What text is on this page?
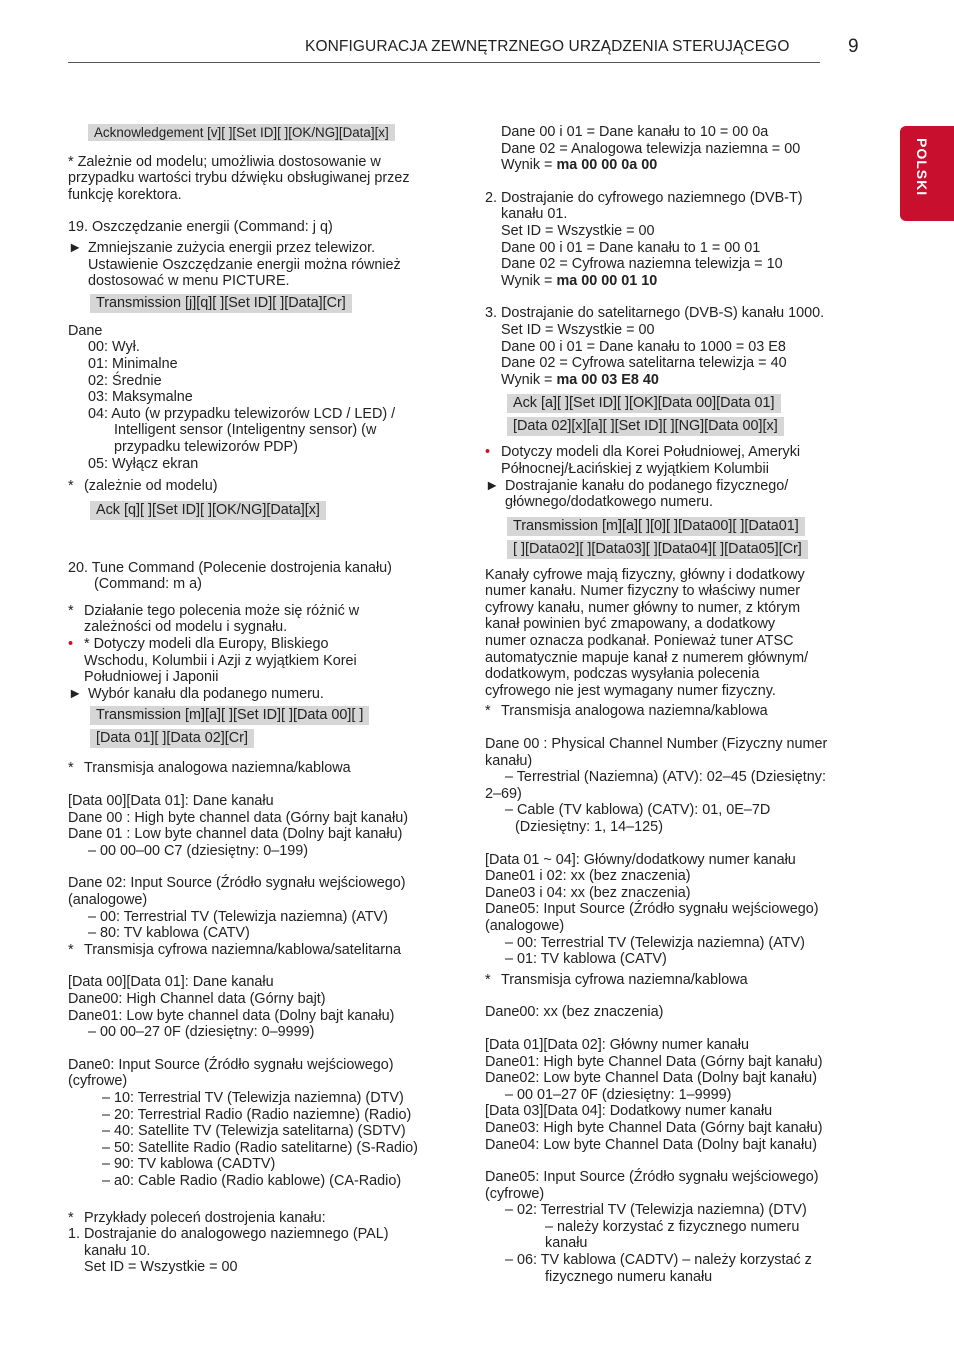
KONFIGURACJA ZEWNĘTRZNEGO URZĄDZENIA STERUJĄCEGO	9
POLSKI
Acknowledgement [v][ ][Set ID][ ][OK/NG][Data][x]
* Zależnie od modelu; umożliwia dostosowanie w
przypadku wartości trybu dźwięku obsługiwanej przez
funkcję korektora.
19. Oszczędzanie energii (Command: j q)
► Zmniejszanie zużycia energii przez telewizor.
Ustawienie Oszczędzanie energii można również
dostosować w menu PICTURE.
Transmission [j][q][ ][Set ID][ ][Data][Cr]
Dane
00: Wył.
01: Minimalne
02: Średnie
03: Maksymalne
04: Auto (w przypadku telewizorów LCD / LED) /
Intelligent sensor (Inteligentny sensor) (w
przypadku telewizorów PDP)
05: Wyłącz ekran
* (zależnie od modelu)
Ack [q][ ][Set ID][ ][OK/NG][Data][x]
20. Tune Command (Polecenie dostrojenia kanału)
(Command: m a)
* Działanie tego polecenia może się różnić w
zależności od modelu i sygnału.
• * Dotyczy modeli dla Europy, Bliskiego
Wschodu, Kolumbii i Azji z wyjątkiem Korei
Południowej i Japonii
► Wybór kanału dla podanego numeru.
Transmission [m][a][ ][Set ID][ ][Data 00][ ]
[Data 01][ ][Data 02][Cr]
* Transmisja analogowa naziemna/kablowa
[Data 00][Data 01]: Dane kanału
Dane 00 : High byte channel data (Górny bajt kanału)
Dane 01 : Low byte channel data (Dolny bajt kanału)
– 00 00–00 C7 (dziesiętny: 0–199)
Dane 02: Input Source (Źródło sygnału wejściowego)
(analogowe)
– 00: Terrestrial TV (Telewizja naziemna) (ATV)
– 80: TV kablowa (CATV)
* Transmisja cyfrowa naziemna/kablowa/satelitarna
[Data 00][Data 01]: Dane kanału
Dane00: High Channel data (Górny bajt)
Dane01: Low byte channel data (Dolny bajt kanału)
– 00 00–27 0F (dziesiętny: 0–9999)
Dane0: Input Source (Źródło sygnału wejściowego)
(cyfrowe)
– 10: Terrestrial TV (Telewizja naziemna) (DTV)
– 20: Terrestrial Radio (Radio naziemne) (Radio)
– 40: Satellite TV (Telewizja satelitarna) (SDTV)
– 50: Satellite Radio (Radio satelitarne) (S-Radio)
– 90: TV kablowa (CADTV)
– a0: Cable Radio (Radio kablowe) (CA-Radio)
* Przykłady poleceń dostrojenia kanału:
1. Dostrajanie do analogowego naziemnego (PAL)
kanału 10.
Set ID = Wszystkie = 00
Dane 00 i 01 = Dane kanału to 10 = 00 0a
Dane 02 = Analogowa telewizja naziemna = 00
Wynik = ma 00 00 0a 00
2. Dostrajanie do cyfrowego naziemnego (DVB-T)
kanału 01.
Set ID = Wszystkie = 00
Dane 00 i 01 = Dane kanału to 1 = 00 01
Dane 02 = Cyfrowa naziemna telewizja = 10
Wynik = ma 00 00 01 10
3. Dostrajanie do satelitarnego (DVB-S) kanału 1000.
Set ID = Wszystkie = 00
Dane 00 i 01 = Dane kanału to 1000 = 03 E8
Dane 02 = Cyfrowa satelitarna telewizja = 40
Wynik = ma 00 03 E8 40
Ack [a][ ][Set ID][ ][OK][Data 00][Data 01]
[Data 02][x][a][ ][Set ID][ ][NG][Data 00][x]
• Dotyczy modeli dla Korei Południowej, Ameryki
Północnej/Łacińskiej z wyjątkiem Kolumbii
► Dostrajanie kanału do podanego fizycznego/
głównego/dodatkowego numeru.
Transmission [m][a][ ][0][ ][Data00][ ][Data01]
[ ][Data02][ ][Data03][ ][Data04][ ][Data05][Cr]
Kanały cyfrowe mają fizyczny, główny i dodatkowy
numer kanału. Numer fizyczny to właściwy numer
cyfrowy kanału, numer główny to numer, z którym
kanał powinien być zmapowany, a dodatkowy
numer oznacza podkanał. Ponieważ tuner ATSC
automatycznie mapuje kanał z numerem głównym/
dodatkowym, podczas wysyłania polecenia
cyfrowego nie jest wymagany numer fizyczny.
* Transmisja analogowa naziemna/kablowa
Dane 00 : Physical Channel Number (Fizyczny numer
kanału)
– Terrestrial (Naziemna) (ATV): 02–45 (Dziesiętny:
2–69)
– Cable (TV kablowa) (CATV): 01, 0E–7D
(Dziesiętny: 1, 14–125)
[Data 01 ~ 04]: Główny/dodatkowy numer kanału
Dane01 i 02: xx (bez znaczenia)
Dane03 i 04: xx (bez znaczenia)
Dane05: Input Source (Źródło sygnału wejściowego)
(analogowe)
– 00: Terrestrial TV (Telewizja naziemna) (ATV)
– 01: TV kablowa (CATV)
* Transmisja cyfrowa naziemna/kablowa
Dane00: xx (bez znaczenia)
[Data 01][Data 02]: Główny numer kanału
Dane01: High byte Channel Data (Górny bajt kanału)
Dane02: Low byte Channel Data (Dolny bajt kanału)
– 00 01–27 0F (dziesiętny: 1–9999)
[Data 03][Data 04]: Dodatkowy numer kanału
Dane03: High byte Channel Data (Górny bajt kanału)
Dane04: Low byte Channel Data (Dolny bajt kanału)
Dane05: Input Source (Źródło sygnału wejściowego)
(cyfrowe)
– 02: Terrestrial TV (Telewizja naziemna) (DTV)
– należy korzystać z fizycznego numeru
kanału
– 06: TV kablowa (CADTV) – należy korzystać z
fizycznego numeru kanału
